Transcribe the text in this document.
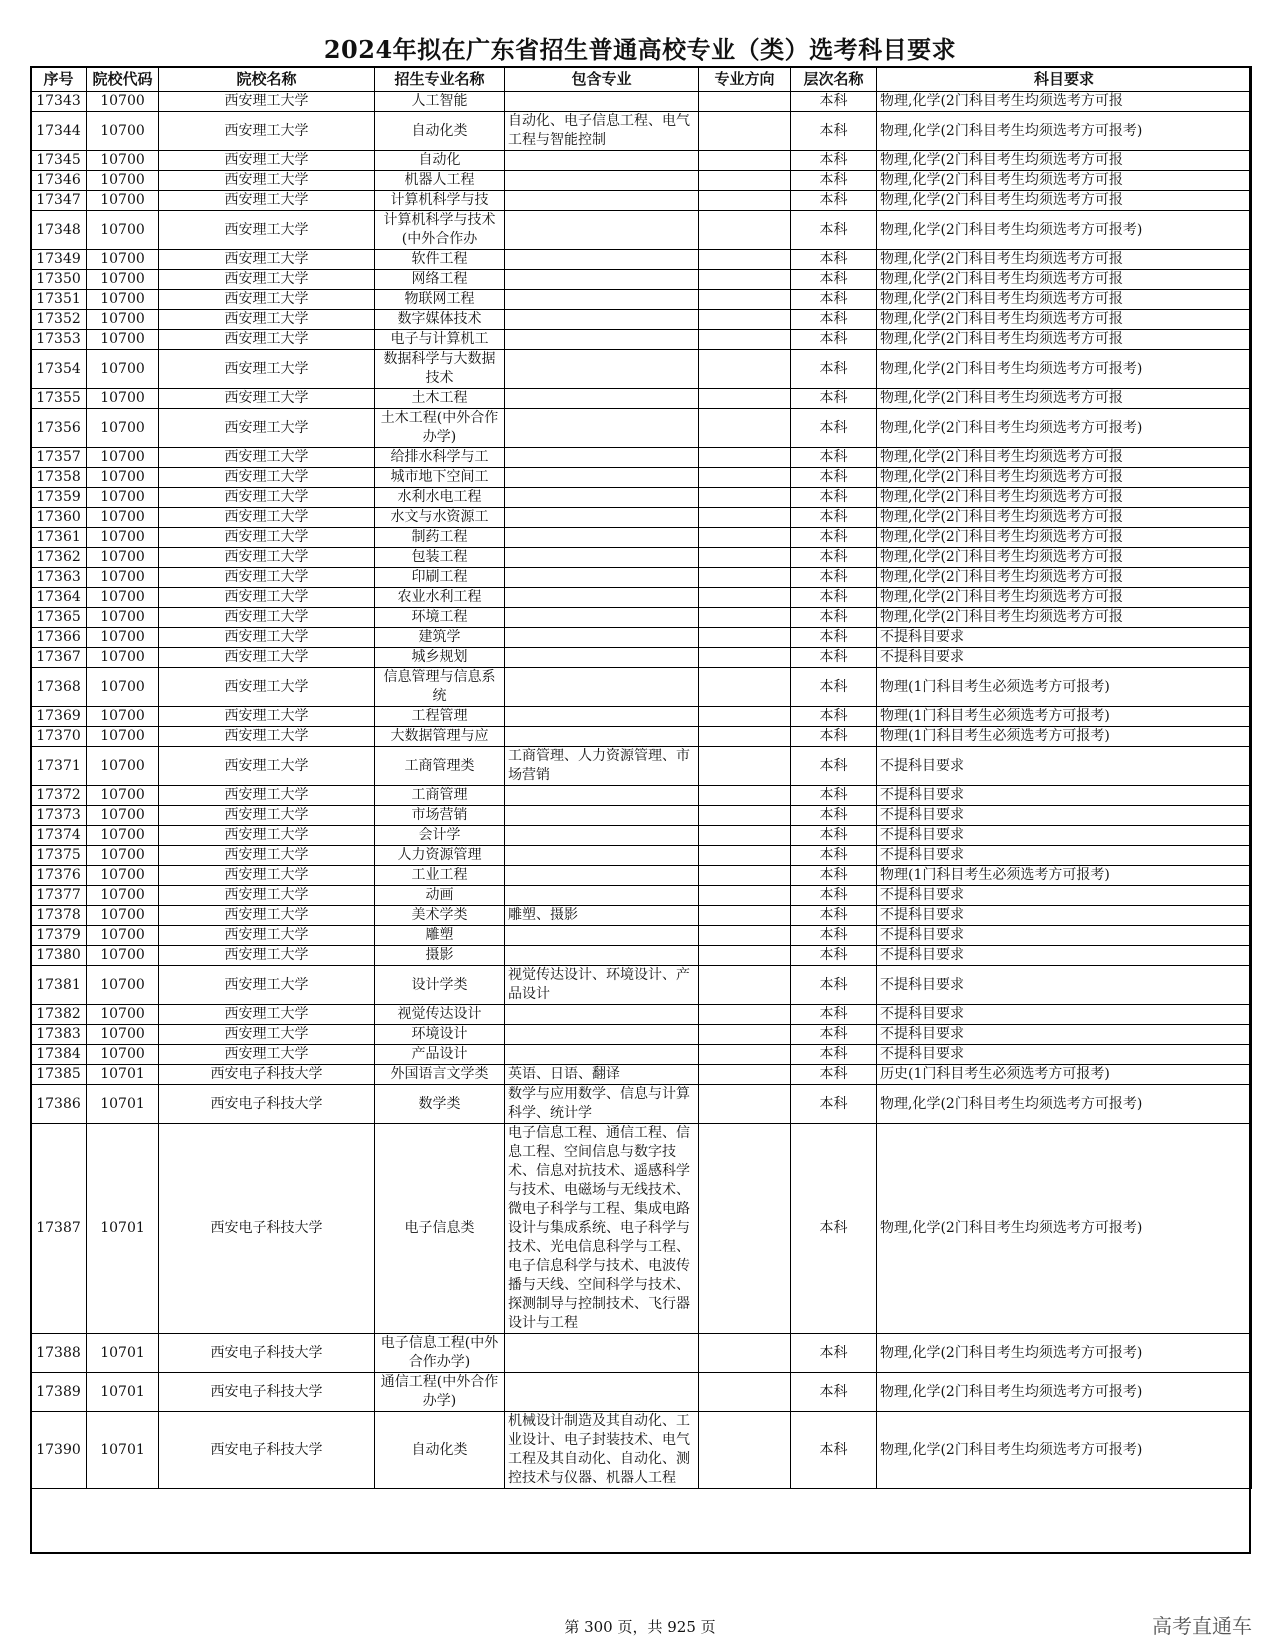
2024年拟在广东省招生普通高校专业（类）选考科目要求
序号	院校代码	院校名称	招生专业名称	包含专业	专业方向	层次名称	科目要求
17343	10700	西安理工大学	人工智能			本科	物理,化学(2门科目考生均须选考方可报
17344	10700	西安理工大学	自动化类	自动化、电子信息工程、电气工程与智能控制		本科	物理,化学(2门科目考生均须选考方可报考)
17345	10700	西安理工大学	自动化			本科	物理,化学(2门科目考生均须选考方可报
17346	10700	西安理工大学	机器人工程			本科	物理,化学(2门科目考生均须选考方可报
17347	10700	西安理工大学	计算机科学与技			本科	物理,化学(2门科目考生均须选考方可报
17348	10700	西安理工大学	计算机科学与技术(中外合作办			本科	物理,化学(2门科目考生均须选考方可报考)
17349	10700	西安理工大学	软件工程			本科	物理,化学(2门科目考生均须选考方可报
17350	10700	西安理工大学	网络工程			本科	物理,化学(2门科目考生均须选考方可报
17351	10700	西安理工大学	物联网工程			本科	物理,化学(2门科目考生均须选考方可报
17352	10700	西安理工大学	数字媒体技术			本科	物理,化学(2门科目考生均须选考方可报
17353	10700	西安理工大学	电子与计算机工			本科	物理,化学(2门科目考生均须选考方可报
17354	10700	西安理工大学	数据科学与大数据技术			本科	物理,化学(2门科目考生均须选考方可报考)
17355	10700	西安理工大学	土木工程			本科	物理,化学(2门科目考生均须选考方可报
17356	10700	西安理工大学	土木工程(中外合作办学)			本科	物理,化学(2门科目考生均须选考方可报考)
17357	10700	西安理工大学	给排水科学与工			本科	物理,化学(2门科目考生均须选考方可报
17358	10700	西安理工大学	城市地下空间工			本科	物理,化学(2门科目考生均须选考方可报
17359	10700	西安理工大学	水利水电工程			本科	物理,化学(2门科目考生均须选考方可报
17360	10700	西安理工大学	水文与水资源工			本科	物理,化学(2门科目考生均须选考方可报
17361	10700	西安理工大学	制药工程			本科	物理,化学(2门科目考生均须选考方可报
17362	10700	西安理工大学	包装工程			本科	物理,化学(2门科目考生均须选考方可报
17363	10700	西安理工大学	印刷工程			本科	物理,化学(2门科目考生均须选考方可报
17364	10700	西安理工大学	农业水利工程			本科	物理,化学(2门科目考生均须选考方可报
17365	10700	西安理工大学	环境工程			本科	物理,化学(2门科目考生均须选考方可报
17366	10700	西安理工大学	建筑学			本科	不提科目要求
17367	10700	西安理工大学	城乡规划			本科	不提科目要求
17368	10700	西安理工大学	信息管理与信息系统			本科	物理(1门科目考生必须选考方可报考)
17369	10700	西安理工大学	工程管理			本科	物理(1门科目考生必须选考方可报考)
17370	10700	西安理工大学	大数据管理与应			本科	物理(1门科目考生必须选考方可报考)
17371	10700	西安理工大学	工商管理类	工商管理、人力资源管理、市场营销		本科	不提科目要求
17372	10700	西安理工大学	工商管理			本科	不提科目要求
17373	10700	西安理工大学	市场营销			本科	不提科目要求
17374	10700	西安理工大学	会计学			本科	不提科目要求
17375	10700	西安理工大学	人力资源管理			本科	不提科目要求
17376	10700	西安理工大学	工业工程			本科	物理(1门科目考生必须选考方可报考)
17377	10700	西安理工大学	动画			本科	不提科目要求
17378	10700	西安理工大学	美术学类	雕塑、摄影		本科	不提科目要求
17379	10700	西安理工大学	雕塑			本科	不提科目要求
17380	10700	西安理工大学	摄影			本科	不提科目要求
17381	10700	西安理工大学	设计学类	视觉传达设计、环境设计、产品设计		本科	不提科目要求
17382	10700	西安理工大学	视觉传达设计			本科	不提科目要求
17383	10700	西安理工大学	环境设计			本科	不提科目要求
17384	10700	西安理工大学	产品设计			本科	不提科目要求
17385	10701	西安电子科技大学	外国语言文学类	英语、日语、翻译		本科	历史(1门科目考生必须选考方可报考)
17386	10701	西安电子科技大学	数学类	数学与应用数学、信息与计算科学、统计学		本科	物理,化学(2门科目考生均须选考方可报考)
17387	10701	西安电子科技大学	电子信息类	电子信息工程、通信工程、信息工程、空间信息与数字技术、信息对抗技术、遥感科学与技术、电磁场与无线技术、微电子科学与工程、集成电路设计与集成系统、电子科学与技术、光电信息科学与工程、电子信息科学与技术、电波传播与天线、空间科学与技术、探测制导与控制技术、飞行器设计与工程		本科	物理,化学(2门科目考生均须选考方可报考)
17388	10701	西安电子科技大学	电子信息工程(中外合作办学)			本科	物理,化学(2门科目考生均须选考方可报考)
17389	10701	西安电子科技大学	通信工程(中外合作办学)			本科	物理,化学(2门科目考生均须选考方可报考)
17390	10701	西安电子科技大学	自动化类	机械设计制造及其自动化、工业设计、电子封装技术、电气工程及其自动化、自动化、测控技术与仪器、机器人工程		本科	物理,化学(2门科目考生均须选考方可报考)
第 300 页，共 925 页	高考直通车
